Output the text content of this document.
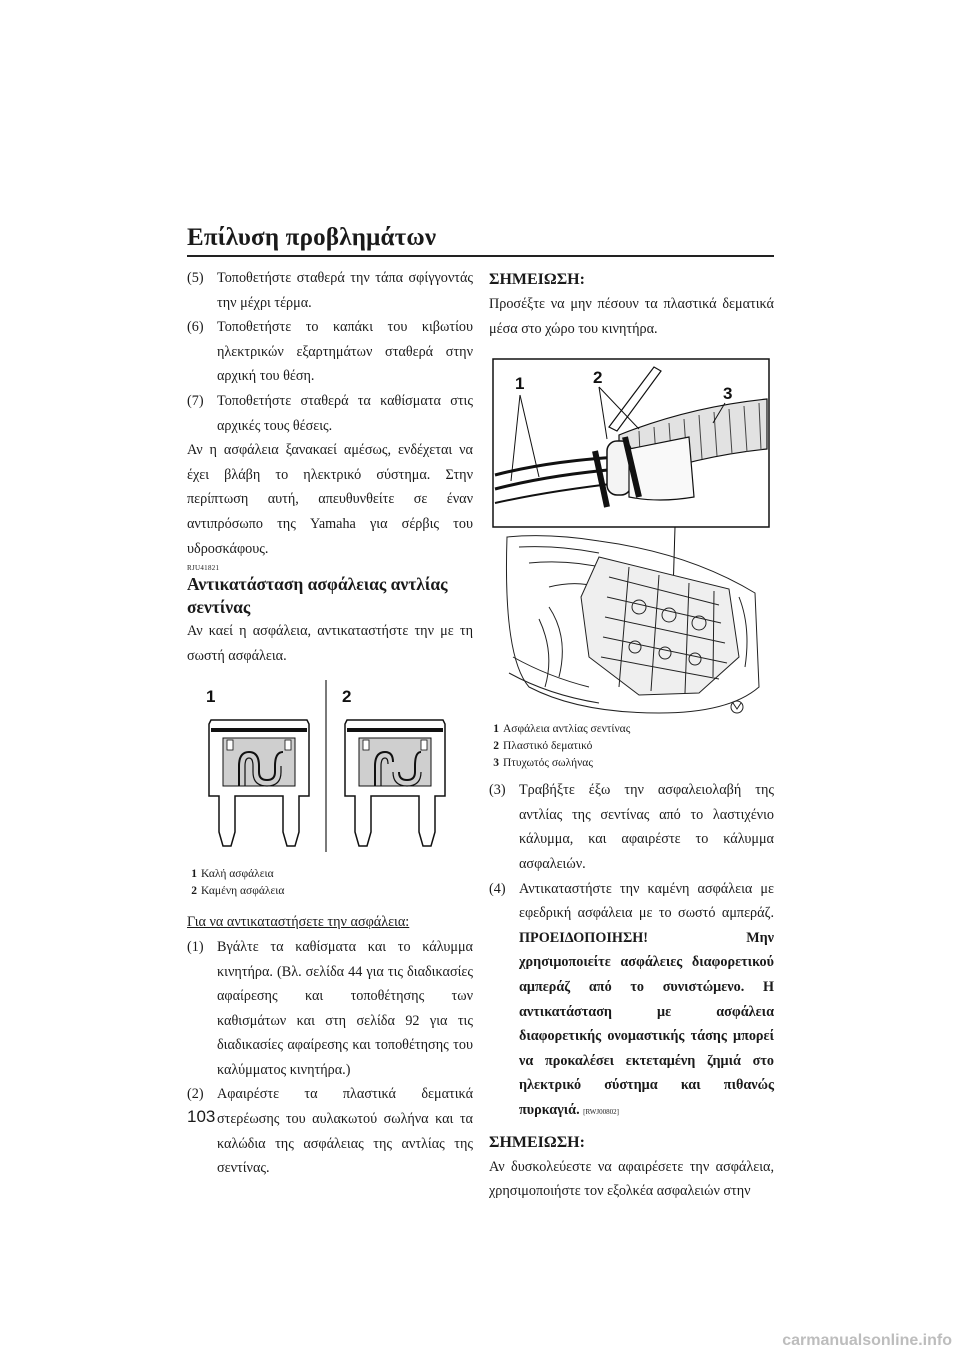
Επίλυση προβλημάτων
(5) Τοποθετήστε σταθερά την τάπα σφίγγοντάς την μέχρι τέρμα.
(6) Τοποθετήστε το καπάκι του κιβωτίου ηλεκτρικών εξαρτημάτων σταθερά στην αρχική του θέση.
(7) Τοποθετήστε σταθερά τα καθίσματα στις αρχικές τους θέσεις.
Αν η ασφάλεια ξανακαεί αμέσως, ενδέχεται να έχει βλάβη το ηλεκτρικό σύστημα. Στην περίπτωση αυτή, απευθυνθείτε σε έναν αντιπρόσωπο της Yamaha για σέρβις του υδροσκάφους.
RJU41821
Αντικατάσταση ασφάλειας αντλίας σεντίνας
Αν καεί η ασφάλεια, αντικαταστήστε την με τη σωστή ασφάλεια.
1	2
1 Καλή ασφάλεια
2 Καμένη ασφάλεια
Για να αντικαταστήσετε την ασφάλεια:
(1) Βγάλτε τα καθίσματα και το κάλυμμα κινητήρα. (Βλ. σελίδα 44 για τις διαδικασίες αφαίρεσης και τοποθέτησης των καθισμάτων και στη σελίδα 92 για τις διαδικασίες αφαίρεσης και τοποθέτησης του καλύμματος κινητήρα.)
(2) Αφαιρέστε τα πλαστικά δεματικά στερέωσης του αυλακωτού σωλήνα και τα καλώδια της ασφάλειας της αντλίας της σεντίνας.
ΣΗΜΕΙΩΣΗ:
Προσέξτε να μην πέσουν τα πλαστικά δεματικά μέσα στο χώρο του κινητήρα.
1	2
3
1 Ασφάλεια αντλίας σεντίνας
2 Πλαστικό δεματικό
3 Πτυχωτός σωλήνας
(3) Τραβήξτε έξω την ασφαλειολαβή της αντλίας της σεντίνας από το λαστιχένιο κάλυμμα, και αφαιρέστε το κάλυμμα ασφαλειών.
(4) Αντικαταστήστε την καμένη ασφάλεια με εφεδρική ασφάλεια με το σωστό αμπεράζ. ΠΡΟΕΙΔΟΠΟΙΗΣΗ! Μην χρησιμοποιείτε ασφάλειες διαφορετικού αμπεράζ από το συνιστώμενο. Η αντικατάσταση με ασφάλεια διαφορετικής ονομαστικής τάσης μπορεί να προκαλέσει εκτεταμένη ζημιά στο ηλεκτρικό σύστημα και πιθανώς πυρκαγιά. [RWJ00802]
ΣΗΜΕΙΩΣΗ:
Αν δυσκολεύεστε να αφαιρέσετε την ασφάλεια, χρησιμοποιήστε τον εξολκέα ασφαλειών στην
103
carmanualsonline.info
